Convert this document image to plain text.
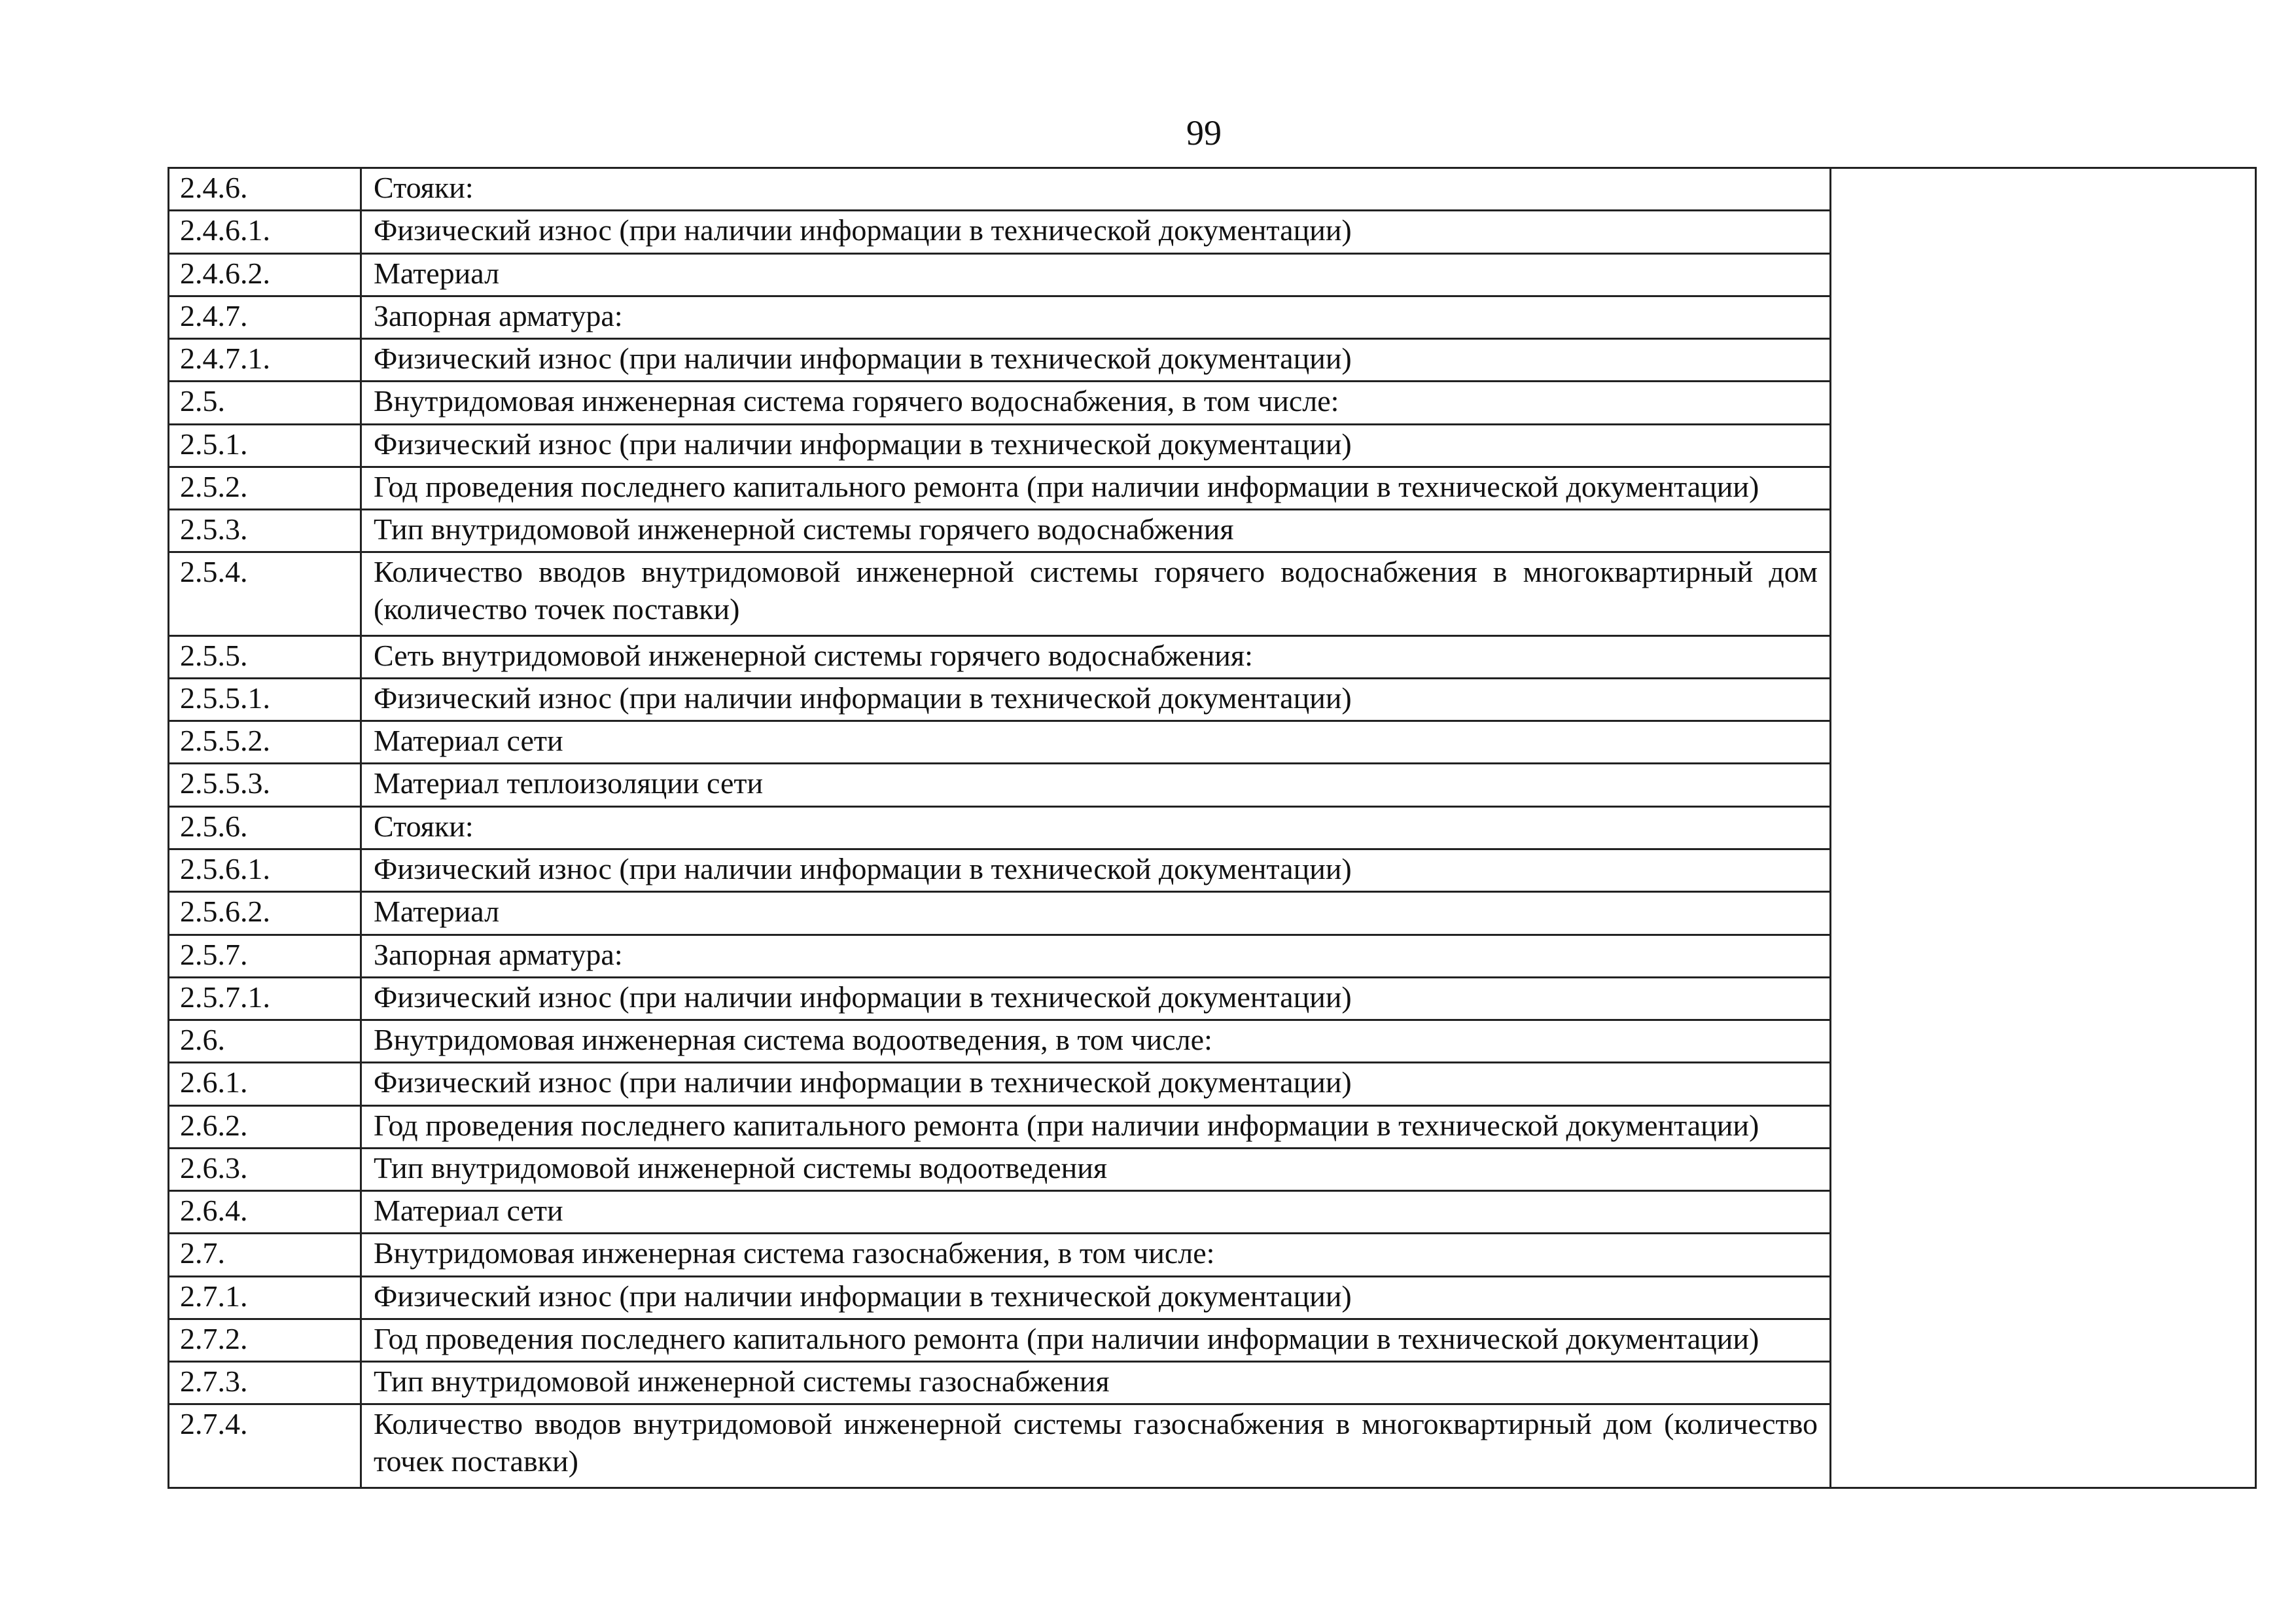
99
2.4.6.	Стояки:	
2.4.6.1.	Физический износ (при наличии информации в технической документации)	
2.4.6.2.	Материал	
2.4.7.	Запорная арматура:	
2.4.7.1.	Физический износ (при наличии информации в технической документации)	
2.5.	Внутридомовая инженерная система горячего водоснабжения, в том числе:	
2.5.1.	Физический износ (при наличии информации в технической документации)	
2.5.2.	Год проведения последнего капитального ремонта (при наличии информации в технической документации)	
2.5.3.	Тип внутридомовой инженерной системы горячего водоснабжения	
2.5.4.	Количество вводов внутридомовой инженерной системы горячего водоснабжения в многоквартирный дом (количество точек поставки)	
2.5.5.	Сеть внутридомовой инженерной системы горячего водоснабжения:	
2.5.5.1.	Физический износ (при наличии информации в технической документации)	
2.5.5.2.	Материал сети	
2.5.5.3.	Материал теплоизоляции сети	
2.5.6.	Стояки:	
2.5.6.1.	Физический износ (при наличии информации в технической документации)	
2.5.6.2.	Материал	
2.5.7.	Запорная арматура:	
2.5.7.1.	Физический износ (при наличии информации в технической документации)	
2.6.	Внутридомовая инженерная система водоотведения, в том числе:	
2.6.1.	Физический износ (при наличии информации в технической документации)	
2.6.2.	Год проведения последнего капитального ремонта (при наличии информации в технической документации)	
2.6.3.	Тип внутридомовой инженерной системы водоотведения	
2.6.4.	Материал сети	
2.7.	Внутридомовая инженерная система газоснабжения, в том числе:	
2.7.1.	Физический износ (при наличии информации в технической документации)	
2.7.2.	Год проведения последнего капитального ремонта (при наличии информации в технической документации)	
2.7.3.	Тип внутридомовой инженерной системы газоснабжения	
2.7.4.	Количество вводов внутридомовой инженерной системы газоснабжения в многоквартирный дом (количество точек поставки)	
